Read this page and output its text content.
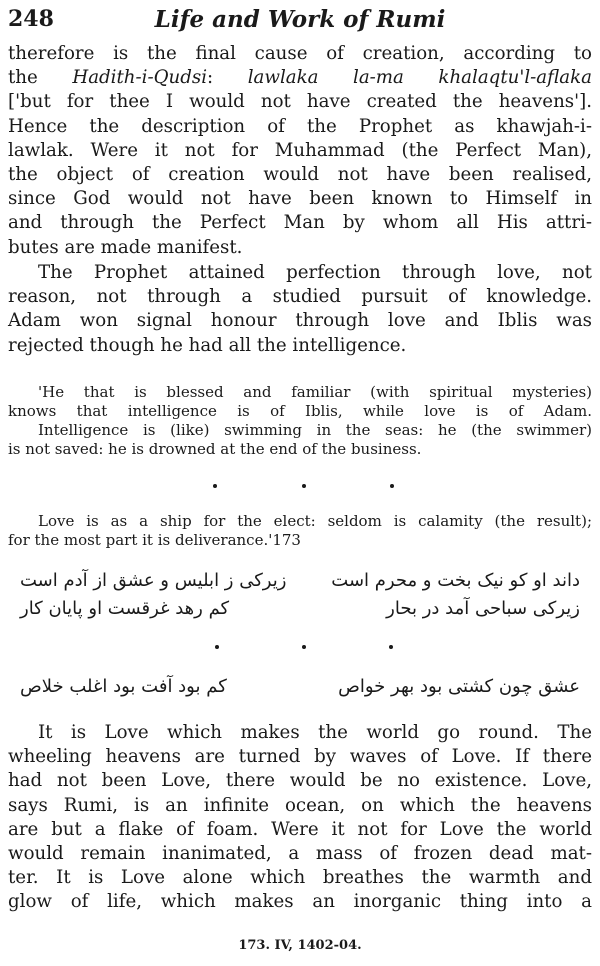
248	Life and Work of Rumi

therefore is the final cause of creation, according to
the Hadith-i-Qudsi: lawlaka la-ma khalaqtu'l-aflaka
['but for thee I would not have created the heavens'].
Hence the description of the Prophet as khawjah-i-
lawlak. Were it not for Muhammad (the Perfect Man),
the object of creation would not have been realised,
since God would not have been known to Himself in
and through the Perfect Man by whom all His attri-
butes are made manifest.

The Prophet attained perfection through love, not
reason, not through a studied pursuit of knowledge.
Adam won signal honour through love and Iblis was
rejected though he had all the intelligence.

'He that is blessed and familiar (with spiritual mysteries)
knows that intelligence is of Iblis, while love is of Adam.
Intelligence is (like) swimming in the seas: he (the swimmer)
is not saved: he is drowned at the end of the business.
Love is as a ship for the elect: seldom is calamity (the result);
for the most part it is deliverance.'173
داند او کو نیک بخت و محرم است
زیرکی ز ابلیس و عشق از آدم است
زیرکی سباحی آمد در بحار
کم رهد غرقست او پایان کار
عشق چون کشتی بود بهر خواص
کم بود آفت بود اغلب خلاص

It is Love which makes the world go round. The
wheeling heavens are turned by waves of Love. If there
had not been Love, there would be no existence. Love,
says Rumi, is an infinite ocean, on which the heavens
are but a flake of foam. Were it not for Love the world
would remain inanimated, a mass of frozen dead mat-
ter. It is Love alone which breathes the warmth and
glow of life, which makes an inorganic thing into a

173. IV, 1402-04.
